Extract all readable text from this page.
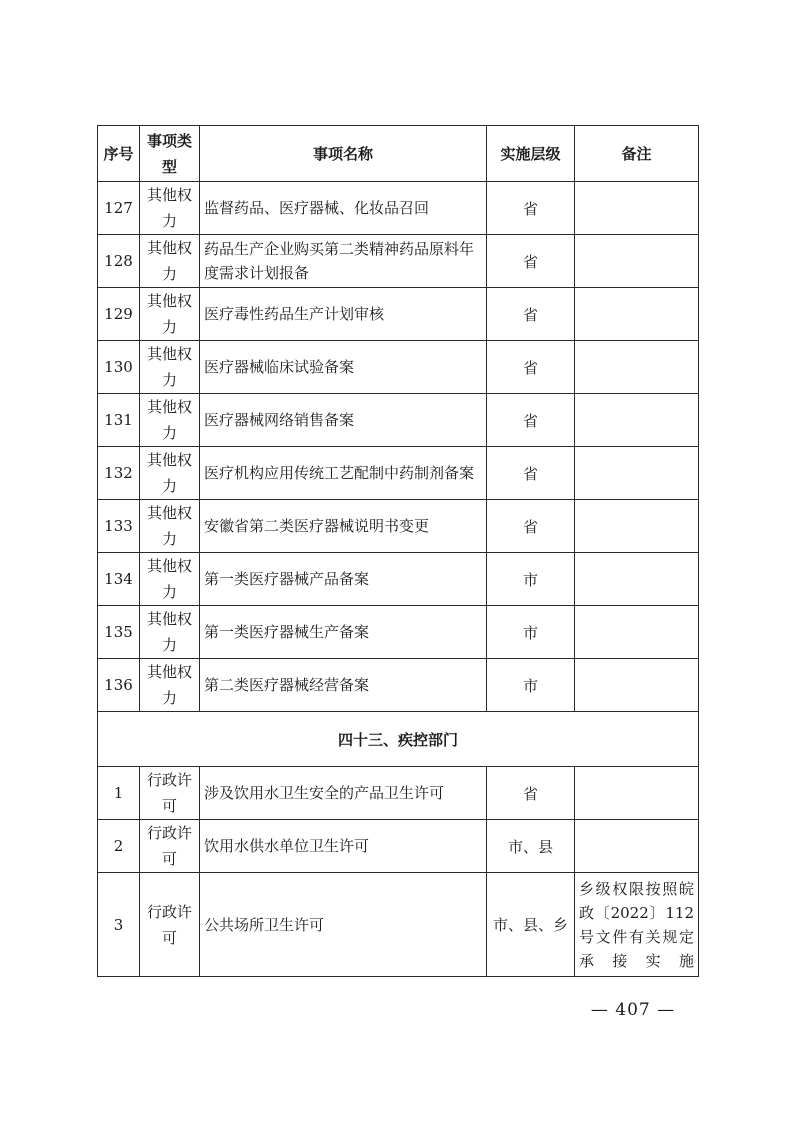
序号	事项类型	事项名称	实施层级	备注
127	其他权力	监督药品、医疗器械、化妆品召回	省	
128	其他权力	药品生产企业购买第二类精神药品原料年度需求计划报备	省	
129	其他权力	医疗毒性药品生产计划审核	省	
130	其他权力	医疗器械临床试验备案	省	
131	其他权力	医疗器械网络销售备案	省	
132	其他权力	医疗机构应用传统工艺配制中药制剂备案	省	
133	其他权力	安徽省第二类医疗器械说明书变更	省	
134	其他权力	第一类医疗器械产品备案	市	
135	其他权力	第一类医疗器械生产备案	市	
136	其他权力	第二类医疗器械经营备案	市	
四十三、疾控部门				
1	行政许可	涉及饮用水卫生安全的产品卫生许可	省	
2	行政许可	饮用水供水单位卫生许可	市、县	
3	行政许可	公共场所卫生许可	市、县、乡	乡级权限按照皖政〔2022〕112号文件有关规定承接实施
— 407 —
